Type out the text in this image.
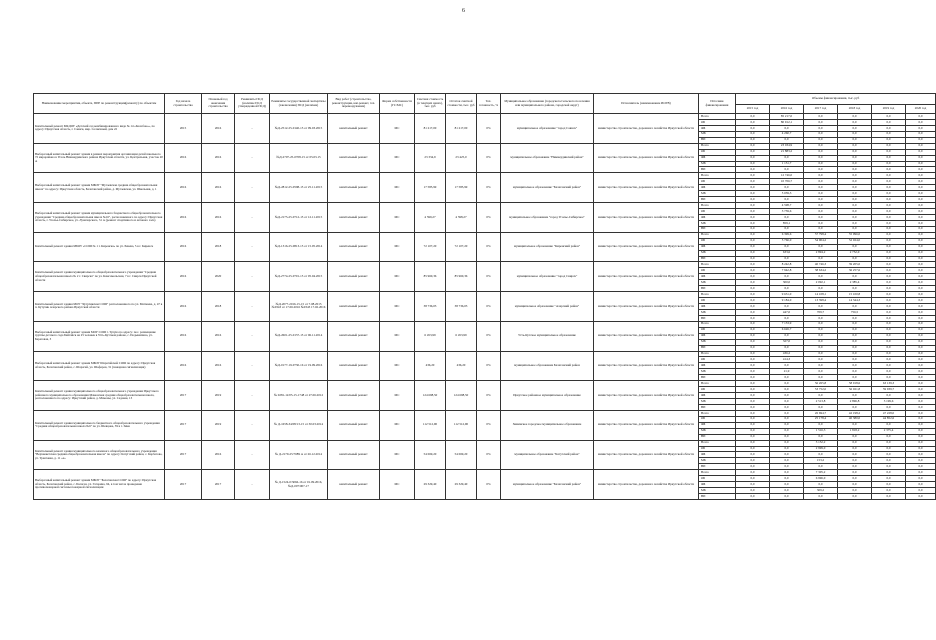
6
Наименование мероприятия, объекта, ППР по реконструкции(ремонту) по объектам	Год начала строительства	Плановый год окончания строительства	Реквизиты ПСД (наличие ПСД утвержденной ПСД)	Реквизиты государственной экспертизы (заключения) ПСД (наличие)	Вид работ (строительство, реконструкция, кап.ремонт, тех. перевооружение)	Форма собственности (ГС/МС)	Сметная стоимость (в текущих ценах), тыс. руб	Остаток сметной стоимости, тыс. руб	Тех. готовность, %	Муниципальное образование (городского/сельского поселения или муниципального района, городской округ)	Исполнитель (наименование ИОГВ)	Источник финансирования	Объемы финансирования, тыс. руб					
													2015 год	2016 год	2017 год	2018 год	2019 год	2020 год
Капитальный ремонт МКДОУ «Детский сад комбинированного вида № 14 «Колобок»», по адресу: Иркутская область, г. Саянск, мкр. Солнечный, дом 22	2015	2016	-	№Д-2512-25-0140-15 от 09.03.2015	капитальный ремонт	МС	81 217,00	81 217,00	0%	муниципальное образование "город Саянск"	министерство строительства, дорожного хозяйства Иркутской области	Всего	0,0	85 217,0	0,0	0,0	0,0	0,0
												ОБ	0,0	80 912,1	0,0	0,0	0,0	0,0
												ФБ	0,0	0,0	0,0	0,0	0,0	0,0
												МБ	0,0	4 260,7	0,0	0,0	0,0	0,0
												ВИ	0,0	0,0	0,0	0,0	0,0	0,0
Выборочный капитальный ремонт здания в рамках мероприятия организации детей школьного 72 мкрорайона в Усоль Нижнеудинского района Иркутской области, ул. Центральная, участок 20 А	2016	2016	-	№Д-2707-25-0708-15 от 05.03.15	капитальный ремонт	МС	23 334,9	23 425,0	0%	муниципальное образование "Нижнеудинский район"	министерство строительства, дорожного хозяйства Иркутской области	Всего	0,0	23 034,9	0,0	0,0	0,0	0,0
												ОБ	0,0	21 883,2	0,0	0,0	0,0	0,0
												ФБ	0,0	0,0	0,0	0,0	0,0	0,0
												МБ	0,0	1 151,7	0,0	0,0	0,0	0,0
												ВИ	0,0	0,0	0,0	0,0	0,0	0,0
Выборочный капитальный ремонт здания МБОУ "Мугаевская средняя общеобразовательная школа" по адресу: Иркутская область, Балаганский район, д. Мугаевская, ул. Школьная, д. 1	2016	2016	-	№Д-2812-25-0598-15 от 25.11.2015	капитальный ремонт	МС	17 585,99	17 585,99	0%	муниципальное образование "Балаганский район"	министерство строительства, дорожного хозяйства Иркутской области	Всего	0,0	12 746,0	0,0	0,0	0,0	0,0
												ОБ	0,0	10 706,7	0,0	0,0	0,0	0,0
												ФБ	0,0	0,0	0,0	0,0	0,0	0,0
												МБ	0,0	5 039,3	0,0	0,0	0,0	0,0
												ВИ	0,0	0,0	0,0	0,0	0,0	0,0
Выборочный капитальный ремонт здания муниципального бюджетного общеобразовательного учреждения "Средняя общеобразовательная школа №16", расположенного по адресу: Иркутская область, г. Усолье-Сибирское, ул. Луначарского, 31 А (ремонт спортивного и актового зала)	2016	2016	-	№Д-2175-25-0712-15 от 12.11.2015	капитальный ремонт	МС	4 599,27	4 598,27	0%	муниципальное образование "город Усолье-Сибирское"	министерство строительства, дорожного хозяйства Иркутской области	Всего	0,0	4 598,7	0,0	0,0	0,0	0,0
												ОБ	0,0	3 739,6	0,0	0,0	0,0	0,0
												ФБ	0,0	0,0	0,0	0,0	0,0	0,0
												МБ	0,0	859,1	0,0	0,0	0,0	0,0
												ВИ	0,0	0,0	0,0	0,0	0,0	0,0
Капитальный ремонт здания МБОУ «СОШ № 1 г. Киренска» по ул. Ренева, 5 в г. Киренск	2016	2018	-	№Д-1316-25-0813-15 от 15.05.2014	капитальный ремонт	МС	72 107,20	72 107,20	0%	муниципальное образование "Киренский район"	министерство строительства, дорожного хозяйства Иркутской области	Всего	0,0	6 399,6	57 798,4	55 096,0	0,0	0,0
												ОБ	0,0	5 766,0	54 904,2	52 024,0	0,0	0,0
												ФБ	0,0	0,0	0,0	0,0	0,0	0,0
												МБ	0,0	633,6	2 894,2	2 752,0	0,0	0,0
												ВИ	0,0	0,0	0,0	0,0	0,0	0,0
Капитальный ремонт здания муниципального общеобразовательного учреждения "Средняя общеобразовательная школа № 2 г. Свирска" по ул. Комсомольская, 7 в г. Свирск Иркутской области	2016	2020	-	№Д-2774-25-0701-15 от 05.04.2015	капитальный ремонт	МС	85 960,36	85 960,36	0%	муниципальное образование "город Свирск"	министерство строительства, дорожного хозяйства Иркутской области	Всего	0,0	8 242,8	40 746,3	39 205,0	0,0	0,0
												ОБ	0,0	7 942,8	38 634,2	36 257,6	0,0	0,0
												ФБ	0,0	0,0	0,0	0,0	0,0	0,0
												МБ	0,0	300,0	2 092,1	2 385,4	0,0	0,0
												ВИ	0,0	0,0	0,0	0,0	0,0	0,0
Капитальный ремонт здания МОУ "Кутуликская СОШ" расположенного по ул. Матвеева, д. 47 в п. Кутулик Аларского района Иркутской области	2016	2018	-	№Д-2077-2016-15-15 от 7.08.2015 №0343 от 17.06.2016 №0343 17.02.2016	капитальный ремонт	МС	38 736,03	38 736,03	0%	муниципальное образование "Аларский район"	министерство строительства, дорожного хозяйства Иркутской области	Всего	0,0	9 631,0	14 108,1	15 100,8	0,0	0,0
												ОБ	0,0	9 184,0	13 398,4	14 344,3	0,0	0,0
												ФБ	0,0	0,0	0,0	0,0	0,0	0,0
												МБ	0,0	447,0	709,7	756,5	0,0	0,0
												ВИ	0,0	0,0	0,0	0,0	0,0	0,0
Выборочный капитальный ремонт здания МОУ СОШ г. Тулуна по адресу: пос. размещение группы детского сада Байтайск на 25 человек в Усть-Кутском районе, с. Подымахино, ул. Береговая, 3	2016	2016	-	№Д-2601-25-0157-15 от 06.11.2014	капитальный ремонт	МС	6 453,99	6 453,99	0%	Усть-Кутское муниципальное образование	министерство строительства, дорожного хозяйства Иркутской области	Всего	0,0	7 153,9	0,0	0,0	0,0	0,0
												ОБ	0,0	6 626,7	0,0	0,0	0,0	0,0
												ФБ	0,0	0,0	0,0	0,0	0,0	0,0
												МБ	0,0	327,0	0,0	0,0	0,0	0,0
												ВИ	0,0	0,0	0,0	0,0	0,0	0,0
Выборочный капитальный ремонт здания МБОУ Шарагайской СОШ по адресу: Иркутская область, Балаганский район, с. Шарагай, ул. Шоферов, 31 (пожарная сигнализация)	2016	2016	-	№Д-0177-19-0730-16 от 19.09.2016	капитальный ремонт	МС	436,20	436,20	0%	муниципальное образование Балаганский район	министерство строительства, дорожного хозяйства Иркутской области	Всего	0,0	436,2	0,0	0,0	0,0	0,0
												ОБ	0,0	414,3	0,0	0,0	0,0	0,0
												ФБ	0,0	0,0	0,0	0,0	0,0	0,0
												МБ	0,0	21,9	0,0	0,0	0,0	0,0
												ВИ	0,0	0,0	0,0	0,0	0,0	0,0
Капитальный ремонт здания муниципального общеобразовательного учреждения Иркутского районного муниципального образования Мамонская средняя общеобразовательная школа, расположенного по адресу: Иркутский район, д. Мамоны, ул. Садовая, 13	2017	2019	-	№ 0281-12/05-15-1748 от 27.06.2012	капитальный ремонт	МС	124 698,50	124 698,50	0%	Иркутское районное муниципальное образование	министерство строительства, дорожного хозяйства Иркутской области	Всего	0,0	0,0	56 265,8	58 918,6	63 139,3	0,0
												ОБ	0,0	0,0	53 752,0	56 021,8	59 939,7	0,0
												ФБ	0,0	0,0	0,0	0,0	0,0	0,0
												МБ	0,0	0,0	2 513,8	2 896,8	3 199,6	0,0
												ВИ	0,0	0,0	0,0	0,0	0,0	0,0
Капитальный ремонт здания муниципального бюджетного общеобразовательного учреждения "Средняя общеобразовательная школа №6" по ул. Шевцова, 39 в г. Зима	2017	2019	-	№ Д-1658-34/08/13-15 от 30.03.2014	капитальный ремонт	МС	112 512,90	112 512,90	0%	Зиминское городское муниципальное образование	министерство строительства, дорожного хозяйства Иркутской области	Всего	0,0	0,0	26 694,7	42 198,2	47 228,0	0,0
												ОБ	0,0	0,0	25 178,4	40 380,0	44 852,6	0,0
												ФБ	0,0	0,0	0,0	0,0	0,0	0,0
												МБ	0,0	0,0	1 516,3	1 818,2	2 375,4	0,0
												ВИ	0,0	0,0	0,0	0,0	0,0	0,0
Капитальный ремонт здания муниципального казенного общеобразовательного учреждения "Верхнекетская средняя общеобразовательная школа" по адресу: Катугский район, с. Карбатово, ул. Трактовая, д. 11 «а»	2017	2016	-	№ Д-2179-25/7689 А от 26.12.2014	капитальный ремонт	МС	54 069,20	54 069,20	0%	муниципальное образование "Катугский район"	министерство строительства, дорожного хозяйства Иркутской области	Всего	0,0	0,0	3 152,2	0,0	0,0	0,0
												ОБ	0,0	0,0	2 999,0	0,0	0,0	0,0
												ФБ	0,0	0,0	0,0	0,0	0,0	0,0
												МБ	0,0	0,0	153,2	0,0	0,0	0,0
												ВИ	0,0	0,0	0,0	0,0	0,0	0,0
Выборочный капитальный ремонт здания МБОУ "Балаганская СОШ" по адресу: Иркутская область, Балаганский район, с. Балаган, ул. Гагарина, 94, в том числе проведение противопожарной системы пожарной сигнализации	2017	2017	-	№ Д-1524-0/3066-16 от 01.09.2016, №Д-007/007-17	капитальный ремонт	МС	29 329,40	29 329,40	0%	муниципальное образование "Балаганский район"	министерство строительства, дорожного хозяйства Иркутской области	Всего	0,0	0,0	7 305,2	0,0	0,0	0,0
												ОБ	0,0	0,0	6 996,0	0,0	0,0	0,0
												ФБ	0,0	0,0	0,0	0,0	0,0	0,0
												МБ	0,0	0,0	309,2	0,0	0,0	0,0
												ВИ	0,0	0,0	0,0	0,0	0,0	0,0
